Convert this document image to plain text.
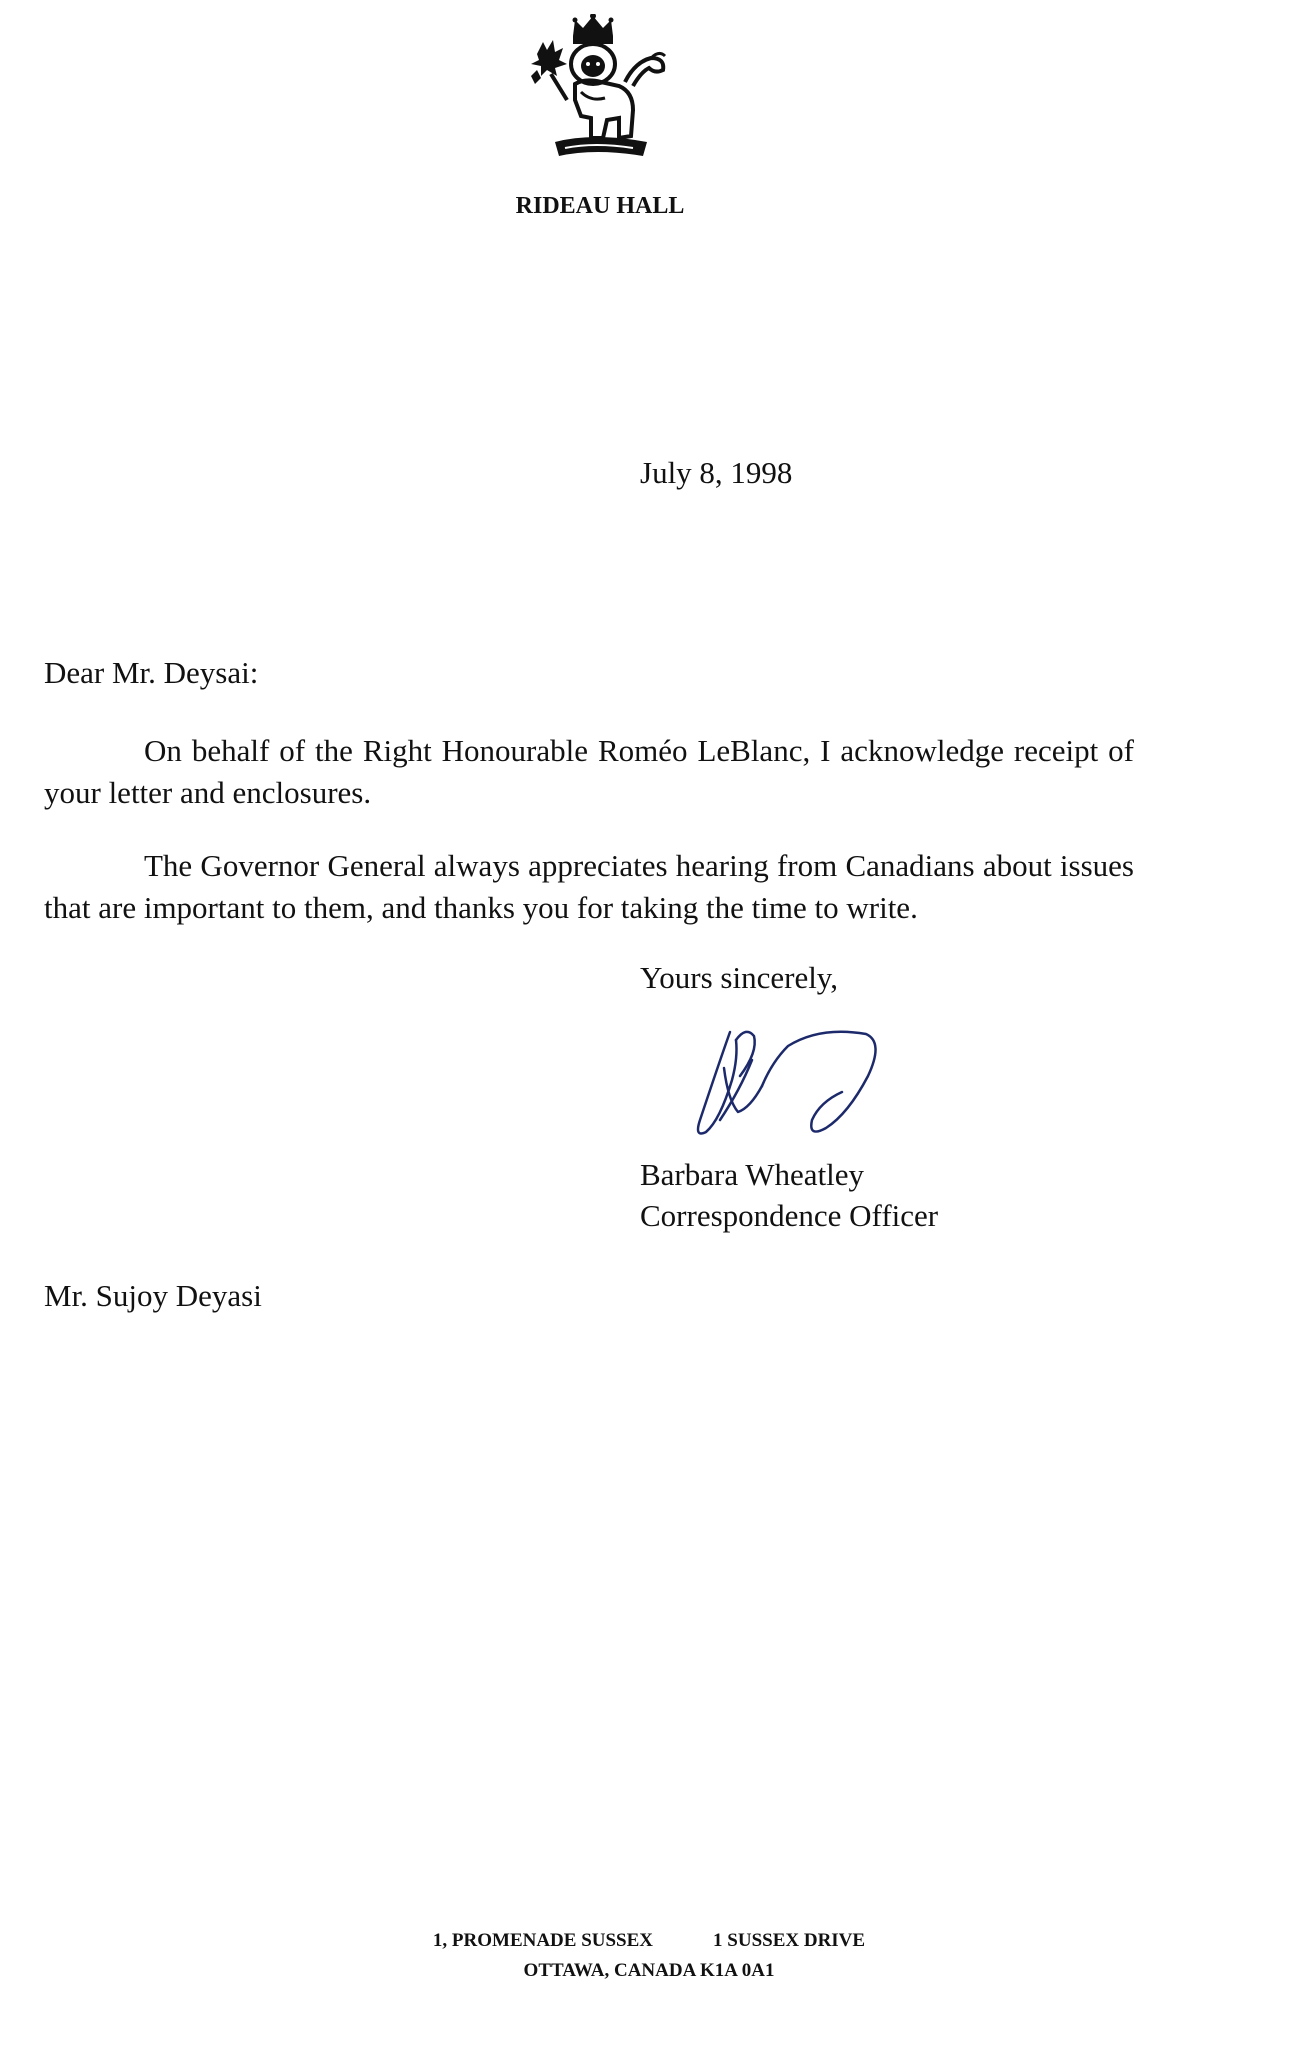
RIDEAU HALL
July 8, 1998
Dear Mr. Deysai:
On behalf of the Right Honourable Roméo LeBlanc, I acknowledge receipt of your letter and enclosures.
The Governor General always appreciates hearing from Canadians about issues that are important to them, and thanks you for taking the time to write.
Yours sincerely,
Barbara Wheatley
Correspondence Officer
Mr. Sujoy Deyasi
1, PROMENADE SUSSEX	1 SUSSEX DRIVE
OTTAWA, CANADA K1A 0A1
